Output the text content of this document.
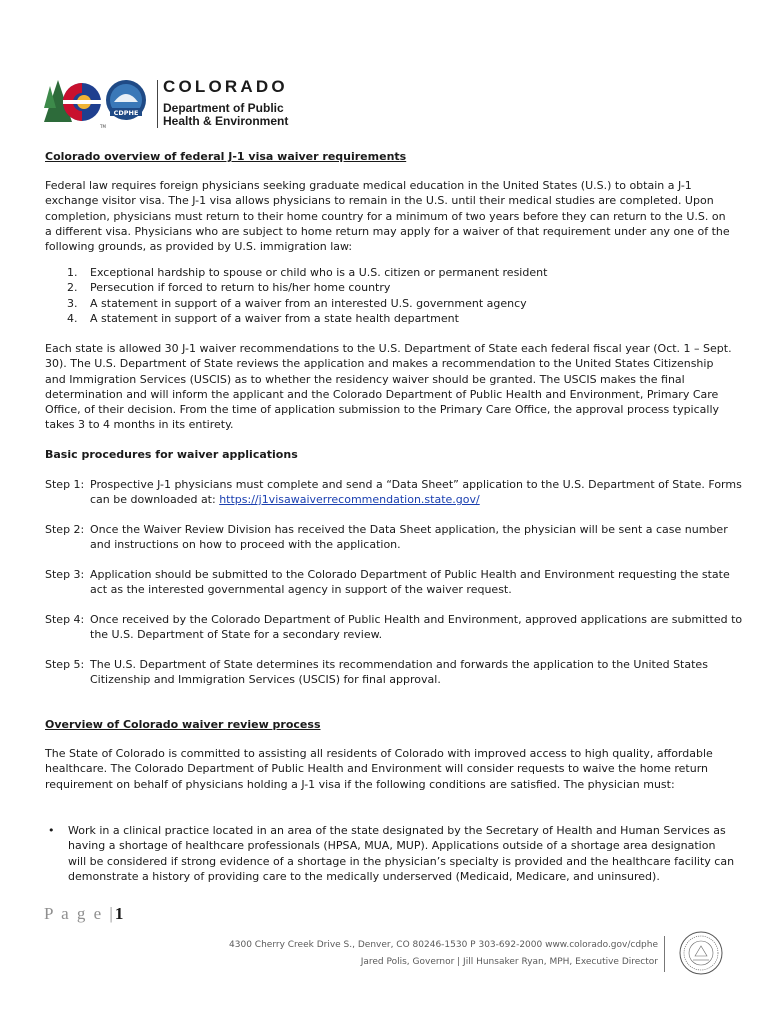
TM
CDPHE
COLORADO
Department of Public
Health & Environment
Colorado overview of federal J-1 visa waiver requirements

Federal law requires foreign physicians seeking graduate medical education in the United States (U.S.) to obtain a J-1 exchange visitor visa. The J-1 visa allows physicians to remain in the U.S. until their medical studies are completed. Upon completion, physicians must return to their home country for a minimum of two years before they can return to the U.S. on a different visa. Physicians who are subject to home return may apply for a waiver of that requirement under any one of the following grounds, as provided by U.S. immigration law:

1. Exceptional hardship to spouse or child who is a U.S. citizen or permanent resident
2. Persecution if forced to return to his/her home country
3. A statement in support of a waiver from an interested U.S. government agency
4. A statement in support of a waiver from a state health department

Each state is allowed 30 J-1 waiver recommendations to the U.S. Department of State each federal fiscal year (Oct. 1 – Sept. 30). The U.S. Department of State reviews the application and makes a recommendation to the United States Citizenship and Immigration Services (USCIS) as to whether the residency waiver should be granted. The USCIS makes the final determination and will inform the applicant and the Colorado Department of Public Health and Environment, Primary Care Office, of their decision. From the time of application submission to the Primary Care Office, the approval process typically takes 3 to 4 months in its entirety.

Basic procedures for waiver applications
Step 1: Prospective J-1 physicians must complete and send a “Data Sheet” application to the U.S. Department of State. Forms can be downloaded at: https://j1visawaiverrecommendation.state.gov/
Step 2: Once the Waiver Review Division has received the Data Sheet application, the physician will be sent a case number and instructions on how to proceed with the application.
Step 3: Application should be submitted to the Colorado Department of Public Health and Environment requesting the state act as the interested governmental agency in support of the waiver request.
Step 4: Once received by the Colorado Department of Public Health and Environment, approved applications are submitted to the U.S. Department of State for a secondary review.
Step 5: The U.S. Department of State determines its recommendation and forwards the application to the United States Citizenship and Immigration Services (USCIS) for final approval.
Overview of Colorado waiver review process

The State of Colorado is committed to assisting all residents of Colorado with improved access to high quality, affordable healthcare. The Colorado Department of Public Health and Environment will consider requests to waive the home return requirement on behalf of physicians holding a J-1 visa if the following conditions are satisfied. The physician must:

• Work in a clinical practice located in an area of the state designated by the Secretary of Health and Human Services as having a shortage of healthcare professionals (HPSA, MUA, MUP). Applications outside of a shortage area designation will be considered if strong evidence of a shortage in the physician’s specialty is provided and the healthcare facility can demonstrate a history of providing care to the medically underserved (Medicaid, Medicare, and uninsured).
P a g e |1
4300 Cherry Creek Drive S., Denver, CO 80246-1530 P 303-692-2000 www.colorado.gov/cdphe
Jared Polis, Governor | Jill Hunsaker Ryan, MPH, Executive Director
